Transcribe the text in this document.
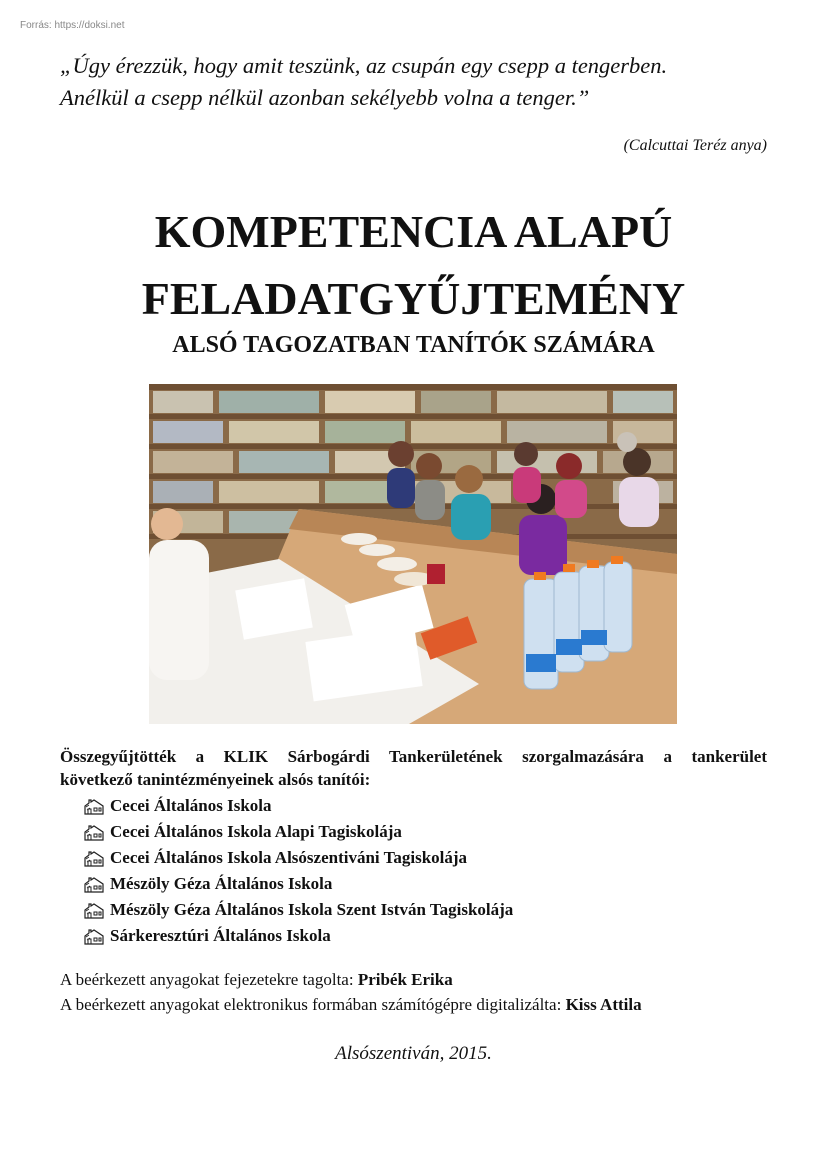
Forrás: https://doksi.net
„Úgy érezzük, hogy amit teszünk, az csupán egy csepp a tengerben.
Anélkül a csepp nélkül azonban sekélyebb volna a tenger.”
(Calcuttai Teréz anya)
KOMPETENCIA ALAPÚ
FELADATGYŰJTEMÉNY
ALSÓ TAGOZATBAN TANÍTÓK SZÁMÁRA
Összegyűjtötték a KLIK Sárbogárdi Tankerületének szorgalmazására a tankerület
következő tanintézményeinek alsós tanítói:
Cecei Általános Iskola
Cecei Általános Iskola Alapi Tagiskolája
Cecei Általános Iskola Alsószentiváni Tagiskolája
Mészöly Géza Általános Iskola
Mészöly Géza Általános Iskola Szent István Tagiskolája
Sárkeresztúri Általános Iskola
A beérkezett anyagokat fejezetekre tagolta: Pribék Erika
A beérkezett anyagokat elektronikus formában számítógépre digitalizálta: Kiss Attila
Alsószentiván, 2015.
